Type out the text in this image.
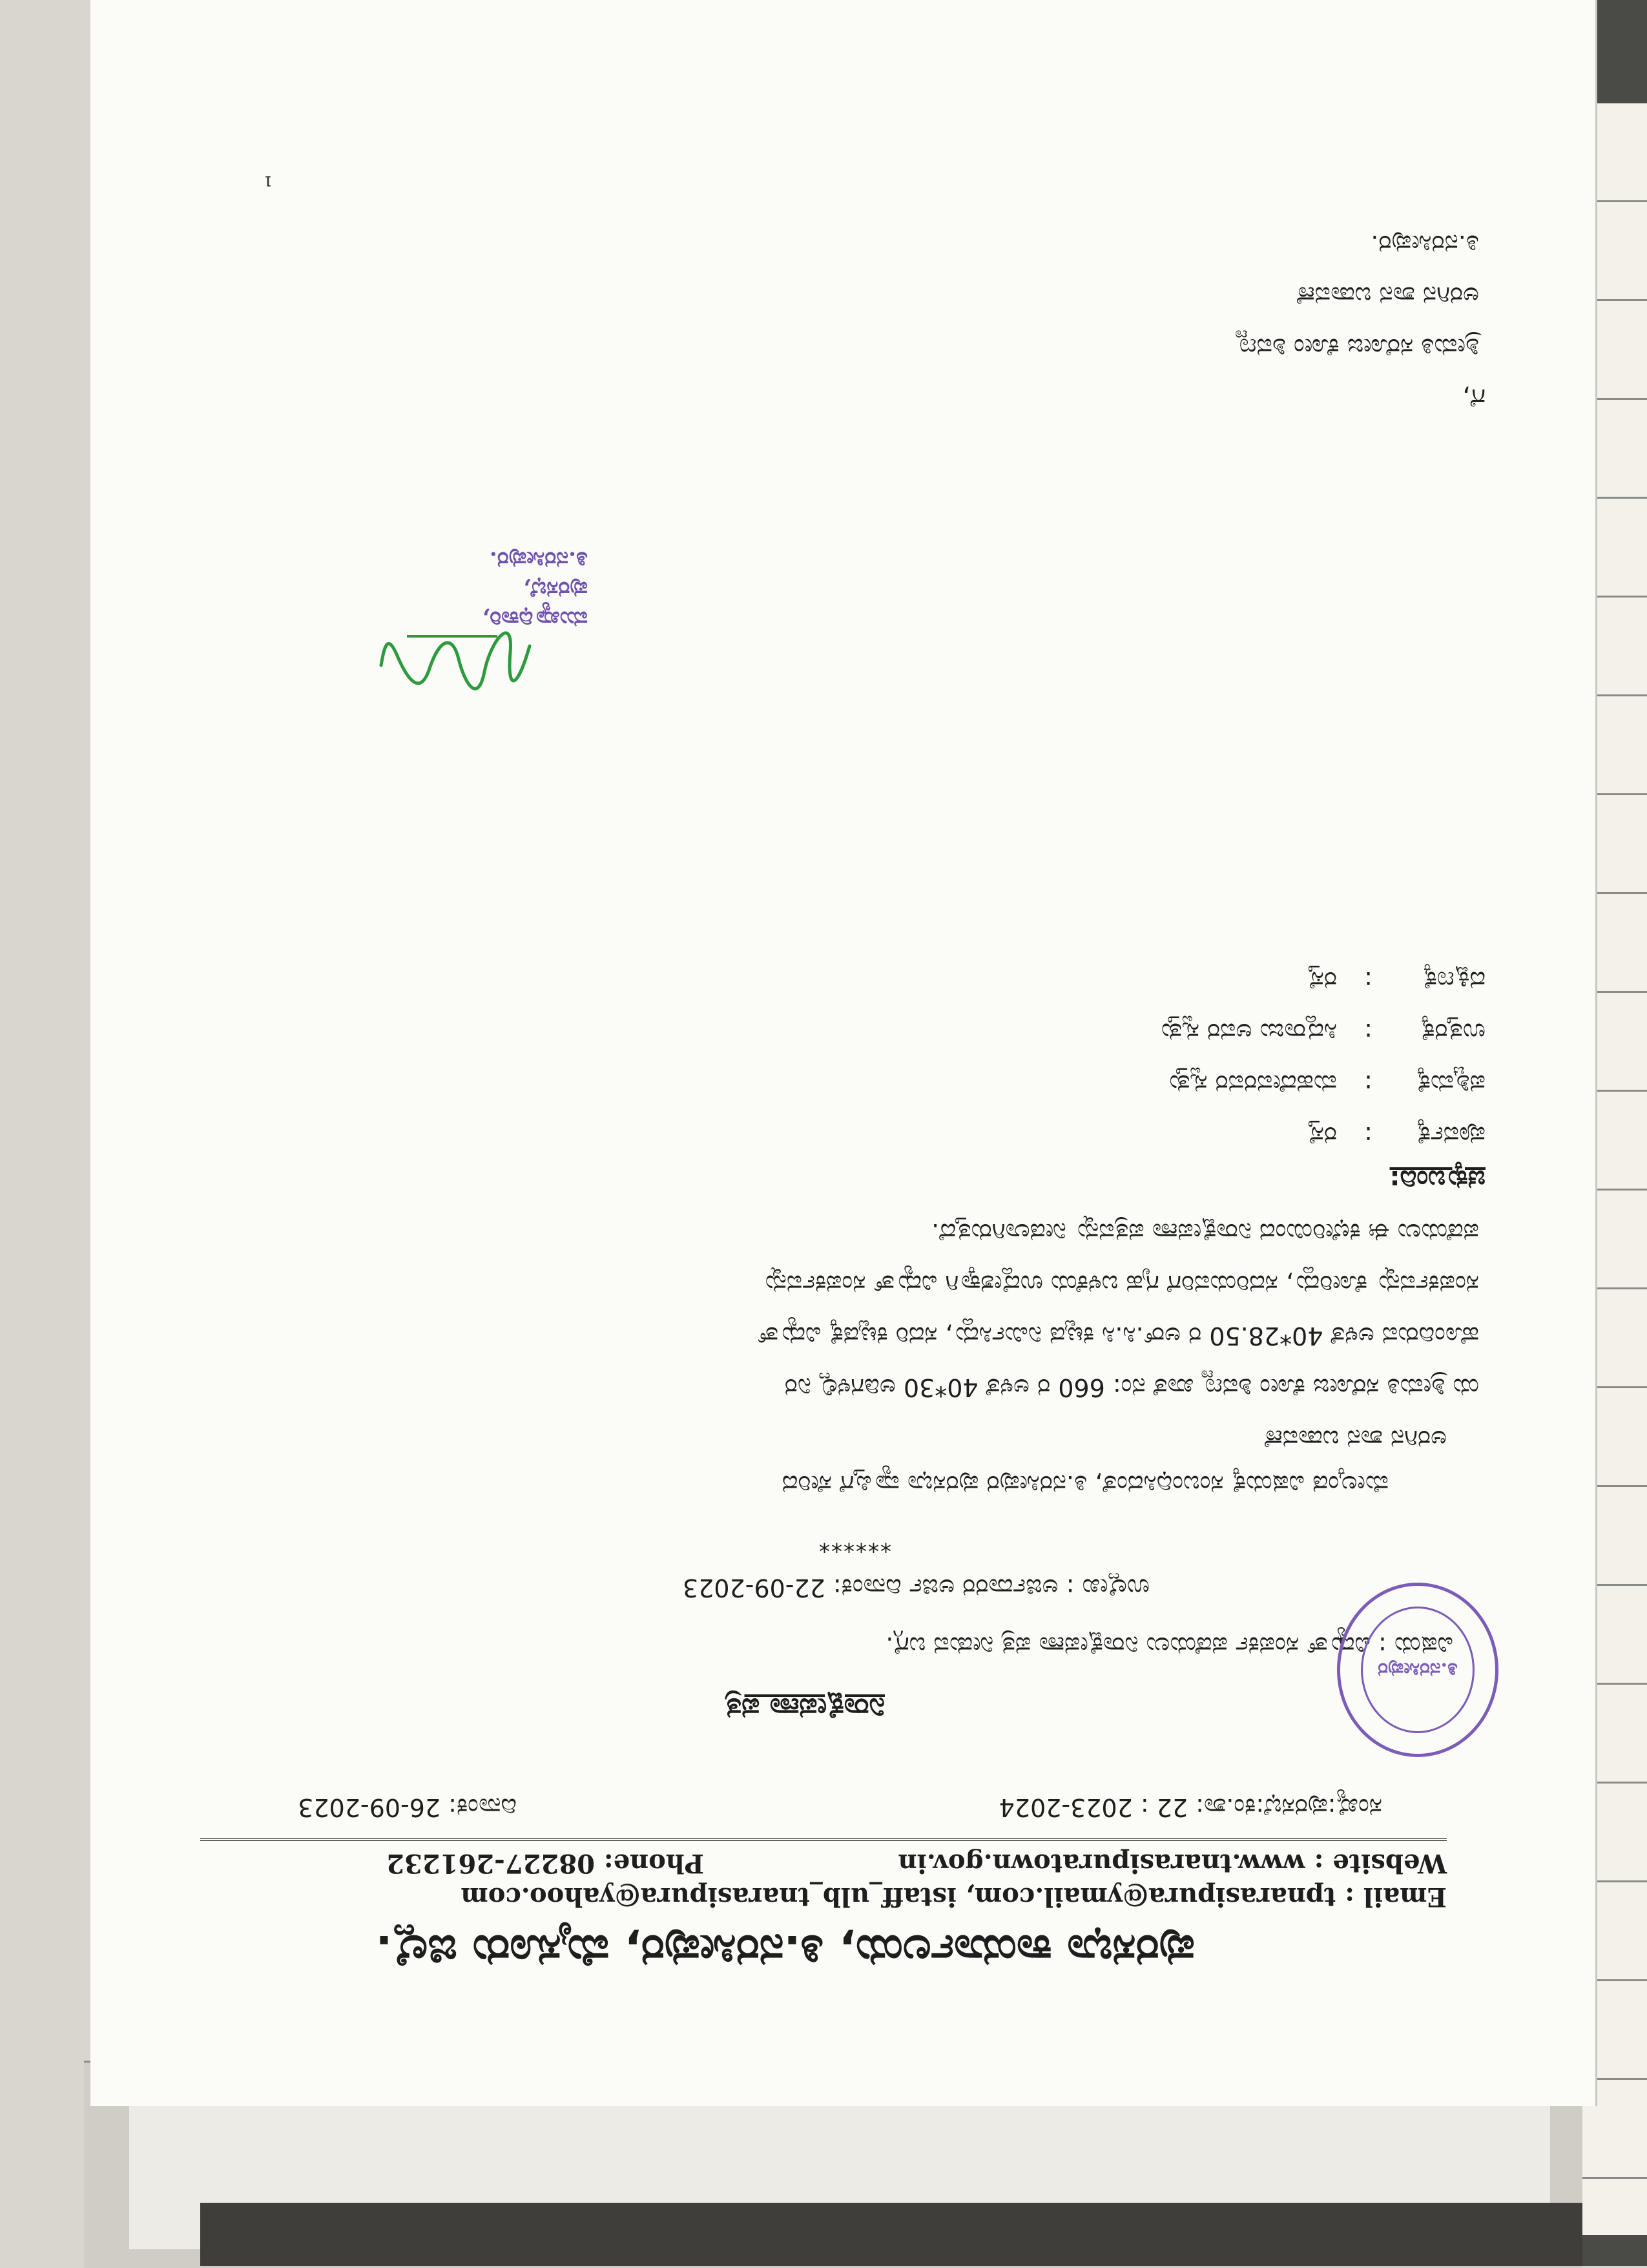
ಪುರಸಭಾ ಕಾರ್ಯಾಲಯ, ತಿ.ನರಸೀಪುರ, ಮೈಸೂರು ಜಿಲ್ಲೆ.
Email : tpnarasipura@ymail.com, istaff_ulb_tnarasipura@yahoo.com
Website : www.tnarasipuratown.gov.in
Phone: 08227-261232
ಸಂಖ್ಯೆ:ಪುರಸಭೆ:ಕಂ.ಶಾ: 22 : 2023-2024
ದಿನಾಂಕ: 26-09-2023
ನಿರಾಕ್ಷೇಪಣಾ ಪತ್ರ
ವಿಷಯ : ವಿದ್ಯುತ್ ಸಂಪರ್ಕ ಪಡೆಯಲು ನಿರಾಕ್ಷೇಪಣಾ ಪತ್ರ ನೀಡುವ ಬಗ್ಗೆ.
ಉಲ್ಲೇಖ : ಅರ್ಜಿದಾರರ ಅರ್ಜಿ ದಿನಾಂಕ: 22-09-2023
******
ಮೇಲ್ಕಂಡ ವಿಷಯಕ್ಕೆ ಸಂಬಂಧಿಸಿದಂತೆ, ತಿ.ನರಸೀಪುರ ಪುರಸಭಾ ವ್ಯಾಪ್ತಿಗೆ ಸೇರಿದ
ಅರಗಿನ ಶಾನ ಬಡಾವಣೆ
ಯ ಶ್ರೀಮತಿ ಸರೋಜ ಕೋಂ ಶಿವಣ್ಣ ಖಾತೆ ನಂ: 660 ರ ಅಳತೆ 40*30 ಅಡಿಗಳಲ್ಲಿ ನಿರ
ಹೊಂದಿರುವ ಅಳತೆ 40*28.50 ರ ಅರ್.ಸಿ.ಸಿ ಕಟ್ಟಡ ನಿರ್ಮಿಸಿದ್ದು, ಸದರಿ ಕಟ್ಟಡಕ್ಕೆ ವಿದ್ಯುತ್
ಸಂಪರ್ಕವನ್ನು ಕೋರಿದ್ದು, ಸದರಿಯವರಿಗೆ ಗೃಹ ಬಳಕೆಯ ಉದ್ದೇಶಕ್ಕಾಗಿ ವಿದ್ಯುತ್ ಸಂಪರ್ಕವನ್ನು
ಪಡೆಯಲು ಈ ಕಛೇರಿಯಿಂದ ನಿರಾಕ್ಷೇಪಣಾ ಪತ್ರವನ್ನು ನೀಡಲಾಗಿರುತ್ತದೆ.
ಚಕ್ಕುಬಂದಿ:
ಪೂರ್ವಕ್ಕೆ
:
ರಸ್ತೆ
ಪಶ್ಚಿಮಕ್ಕೆ
:
ಮಹದೇವರವರ ಸ್ವತ್ತು
ಉತ್ತರಕ್ಕೆ
:
ಸಿದ್ದರಾಜು ಅವರ ಸ್ವತ್ತು
ದಕ್ಷಿಣಕ್ಕೆ
:
ರಸ್ತೆ
ಮುಖ್ಯಾಧಿಕಾರಿ,
ಪುರಸಭೆ,
ತಿ.ನರಸೀಪುರ.
ಗೆ,
ಶ್ರೀಮತಿ ಸರೋಜ ಕೋಂ ಶಿವಣ್ಣ
ಅರಗಿನ ಶಾನ ಬಡಾವಣೆ
ತಿ.ನರಸೀಪುರ.
ı
ತಿ.ನರಸೀಪುರ
